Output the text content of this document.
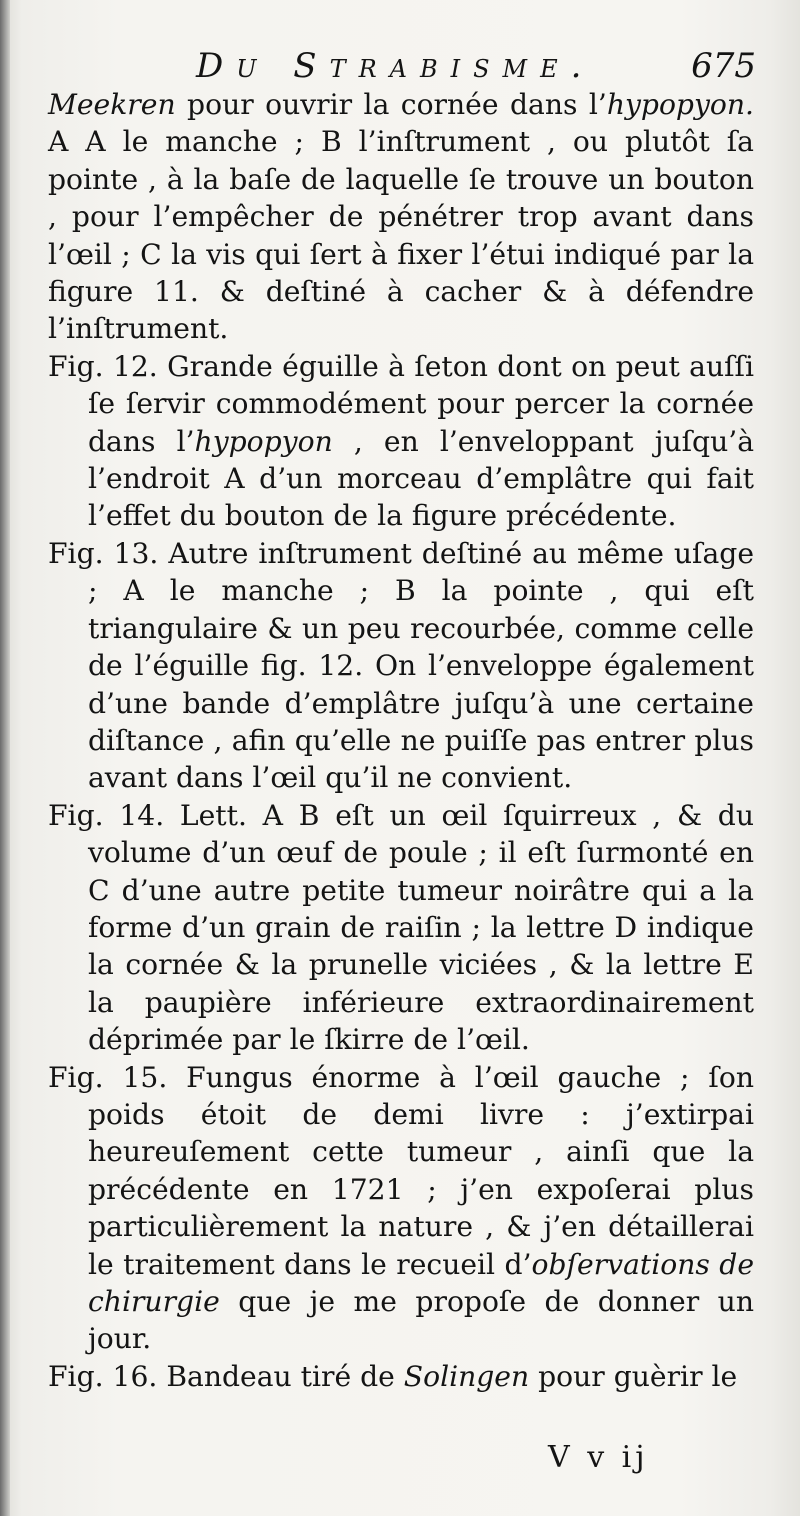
Du Strabisme.	675

Meekren pour ouvrir la cornée dans l’hypopyon. A A le manche ; B l’inſtrument , ou plutôt ſa pointe , à la baſe de laquelle ſe trouve un bouton , pour l’empêcher de pénétrer trop avant dans l’œil ; C la vis qui ſert à fixer l’étui indiqué par la figure 11. & deſtiné à cacher & à défendre l’inſtrument.

Fig. 12. Grande éguille à ſeton dont on peut auſſi ſe ſervir commodément pour percer la cornée dans l’hypopyon , en l’enveloppant juſqu’à l’endroit A d’un morceau d’emplâtre qui fait l’effet du bouton de la figure précédente.

Fig. 13. Autre inſtrument deſtiné au même uſage ; A le manche ; B la pointe , qui eſt triangulaire & un peu recourbée, comme celle de l’éguille fig. 12. On l’enveloppe également d’une bande d’emplâtre juſqu’à une certaine diſtance , afin qu’elle ne puiſſe pas entrer plus avant dans l’œil qu’il ne convient.

Fig. 14. Lett. A B eſt un œil ſquirreux , & du volume d’un œuf de poule ; il eſt ſurmonté en C d’une autre petite tumeur noirâtre qui a la forme d’un grain de raiſin ; la lettre D indique la cornée & la prunelle viciées , & la lettre E la paupière inférieure extraordinairement déprimée par le ſkirre de l’œil.

Fig. 15. Fungus énorme à l’œil gauche ; ſon poids étoit de demi livre : j’extirpai heureuſement cette tumeur , ainſi que la précédente en 1721 ; j’en expoſerai plus particulièrement la nature , & j’en détaillerai le traitement dans le recueil d’obſervations de chirurgie que je me propoſe de donner un jour.

Fig. 16. Bandeau tiré de Solingen pour guèrir le

V v ij
